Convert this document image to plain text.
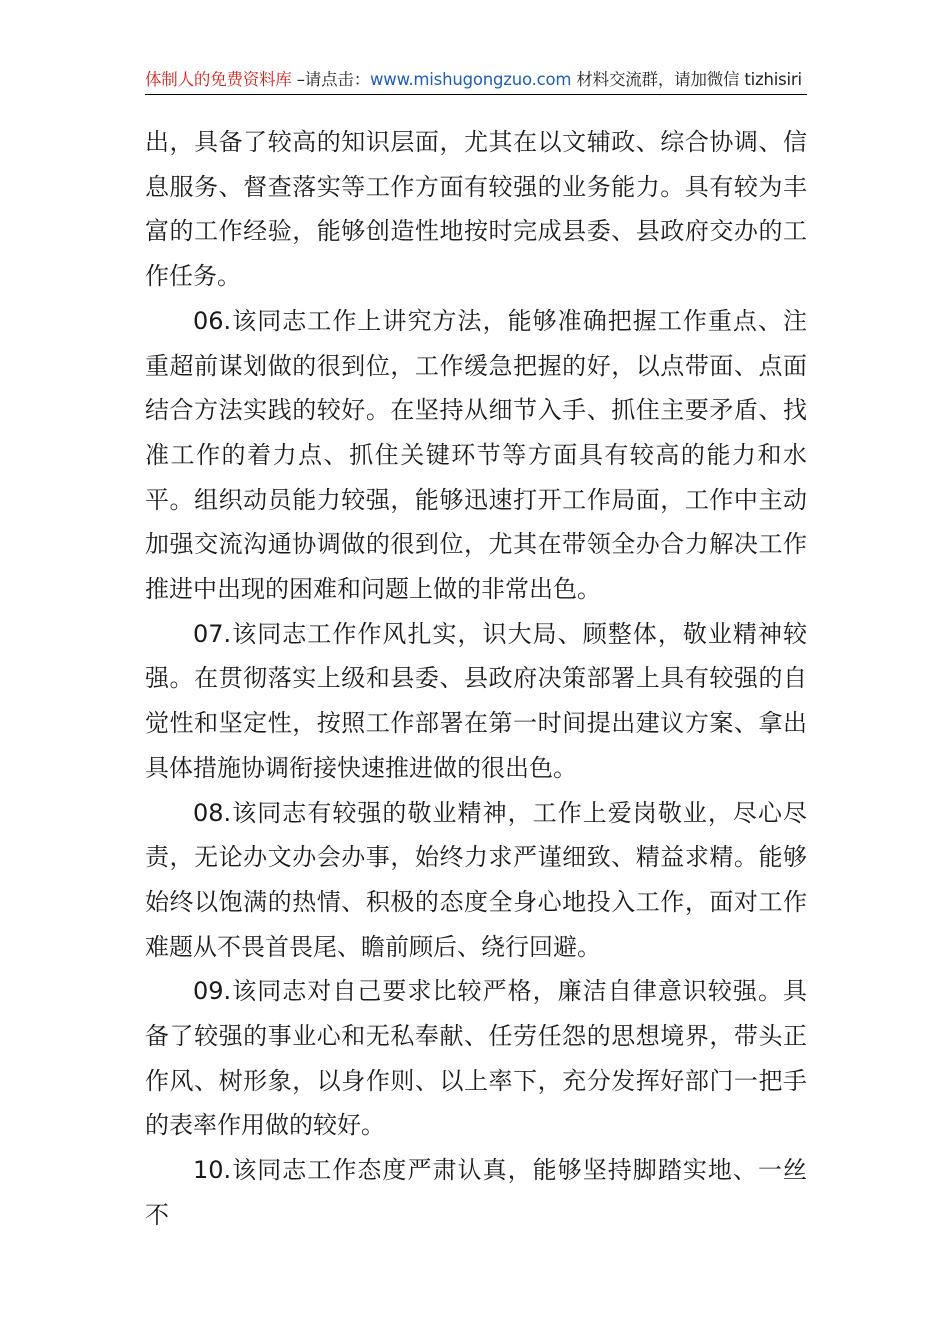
体制人的免费资料库 –请点击：www.mishugongzuo.com 材料交流群，请加微信 tizhisiri

出，具备了较高的知识层面，尤其在以文辅政、综合协调、信息服务、督查落实等工作方面有较强的业务能力。具有较为丰富的工作经验，能够创造性地按时完成县委、县政府交办的工作任务。

06.该同志工作上讲究方法，能够准确把握工作重点、注重超前谋划做的很到位，工作缓急把握的好，以点带面、点面结合方法实践的较好。在坚持从细节入手、抓住主要矛盾、找准工作的着力点、抓住关键环节等方面具有较高的能力和水平。组织动员能力较强，能够迅速打开工作局面，工作中主动加强交流沟通协调做的很到位，尤其在带领全办合力解决工作推进中出现的困难和问题上做的非常出色。

07.该同志工作作风扎实，识大局、顾整体，敬业精神较强。在贯彻落实上级和县委、县政府决策部署上具有较强的自觉性和坚定性，按照工作部署在第一时间提出建议方案、拿出具体措施协调衔接快速推进做的很出色。

08.该同志有较强的敬业精神，工作上爱岗敬业，尽心尽责，无论办文办会办事，始终力求严谨细致、精益求精。能够始终以饱满的热情、积极的态度全身心地投入工作，面对工作难题从不畏首畏尾、瞻前顾后、绕行回避。

09.该同志对自己要求比较严格，廉洁自律意识较强。具备了较强的事业心和无私奉献、任劳任怨的思想境界，带头正作风、树形象，以身作则、以上率下，充分发挥好部门一把手的表率作用做的较好。

10.该同志工作态度严肃认真，能够坚持脚踏实地、一丝不
